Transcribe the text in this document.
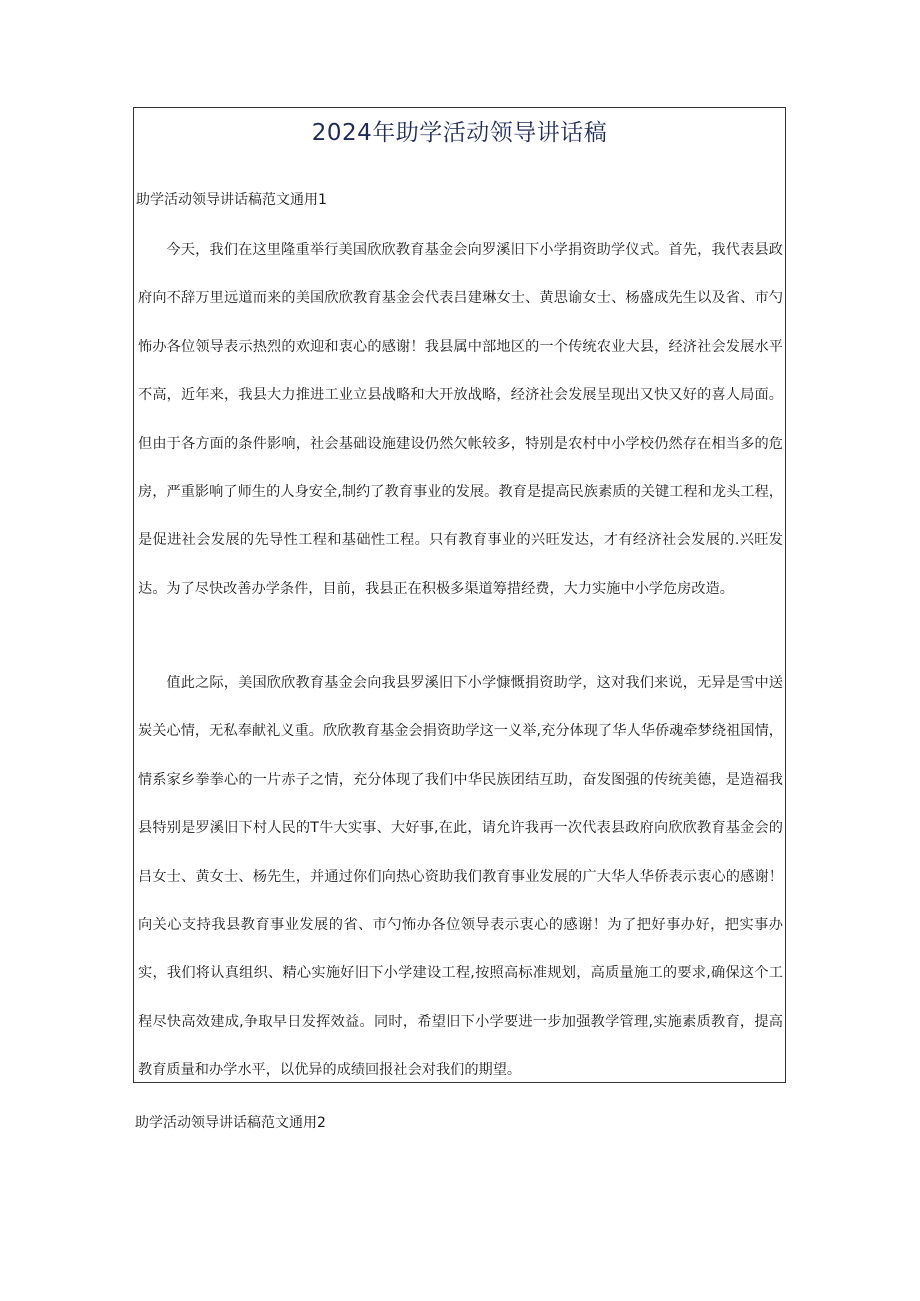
2024年助学活动领导讲话稿
助学活动领导讲话稿范文通用1

今天，我们在这里隆重举行美国欣欣教育基金会向罗溪旧下小学捐资助学仪式。首先，我代表县政府向不辞万里远道而来的美国欣欣教育基金会代表吕建琳女士、黄思谕女士、杨盛成先生以及省、市勺怖办各位领导表示热烈的欢迎和衷心的感谢！我县属中部地区的一个传统农业大县，经济社会发展水平不高，近年来，我县大力推进工业立县战略和大开放战略，经济社会发展呈现出又快又好的喜人局面。但由于各方面的条件影响，社会基础设施建设仍然欠帐较多，特别是农村中小学校仍然存在相当多的危房，严重影响了师生的人身安全,制约了教育事业的发展。教育是提高民族素质的关键工程和龙头工程，是促进社会发展的先导性工程和基础性工程。只有教育事业的兴旺发达，才有经济社会发展的.兴旺发达。为了尽快改善办学条件，目前，我县正在积极多渠道筹措经费，大力实施中小学危房改造。

值此之际，美国欣欣教育基金会向我县罗溪旧下小学慷慨捐资助学，这对我们来说，无异是雪中送炭关心情，无私奉献礼义重。欣欣教育基金会捐资助学这一义举,充分体现了华人华侨魂牵梦绕祖国情，情系家乡拳拳心的一片赤子之情，充分体现了我们中华民族团结互助，奋发图强的传统美德，是造福我县特别是罗溪旧下村人民的T牛大实事、大好事,在此，请允许我再一次代表县政府向欣欣教育基金会的吕女士、黄女士、杨先生，并通过你们向热心资助我们教育事业发展的广大华人华侨表示衷心的感谢！向关心支持我县教育事业发展的省、市勺怖办各位领导表示衷心的感谢！为了把好事办好，把实事办实，我们将认真组织、精心实施好旧下小学建设工程,按照高标准规划，高质量施工的要求,确保这个工程尽快高效建成,争取早日发挥效益。同时，希望旧下小学要进一步加强教学管理,实施素质教育，提高教育质量和办学水平，以优异的成绩回报社会对我们的期望。

助学活动领导讲话稿范文通用2
